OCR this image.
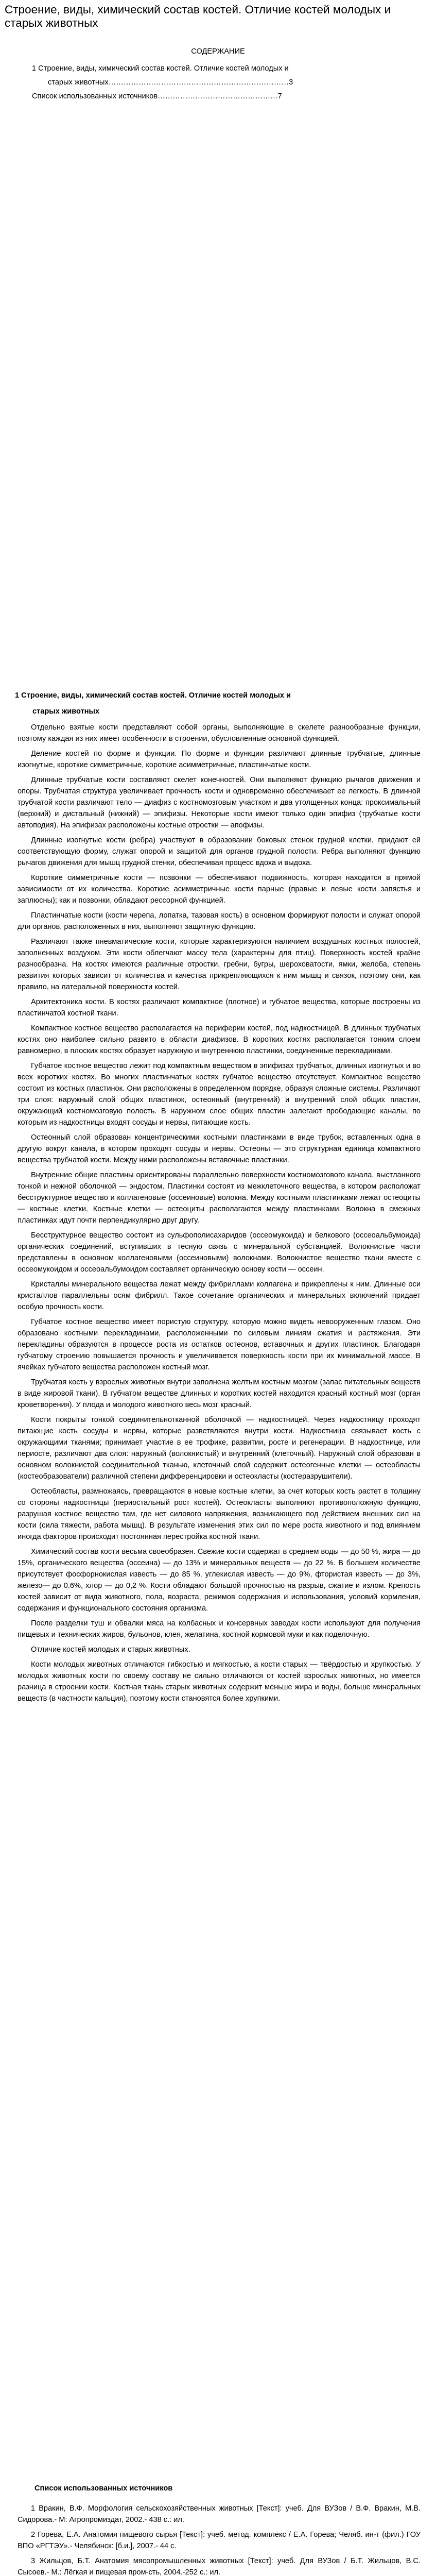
Строение, виды, химический состав костей. Отличие костей молодых и старых животных

СОДЕРЖАНИЕ

1 Строение, виды, химический состав костей. Отличие костей молодых и

старых животных………………………………………………………………3

Список использованных источников…………………………………………7

1 Строение, виды, химический состав костей. Отличие костей молодых и

старых животных

Отдельно взятые кости представляют собой органы, выполняющие в скелете разнообразные функции, поэтому каждая из них имеет особенности в строении, обусловленные основной функцией.

Деление костей по форме и функции. По форме и функции различают длинные трубчатые, длинные изогнутые, короткие симметричные, короткие асимметричные, пластинчатые кости.

Длинные трубчатые кости составляют скелет конечностей. Они выполняют функцию рычагов движения и опоры. Трубчатая структура увеличивает прочность кости и одновременно обеспечивает ее легкость. В длинной трубчатой кости различают тело — диафиз с костномозговым участком и два утолщенных конца: проксимальный (верхний) и дистальный (нижний) — эпифизы. Некоторые кости имеют только один эпифиз (трубчатые кости автоподия). На эпифизах расположены костные отростки — апофизы.

Длинные изогнутые кости (ребра) участвуют в образовании боковых стенок грудной клетки, придают ей соответствующую форму, служат опорой и защитой для органов грудной полости. Ребра выполняют функцию рычагов движения для мышц грудной стенки, обеспечивая процесс вдоха и выдоха.

Короткие симметричные кости — позвонки — обеспечивают подвижность, которая находится в прямой зависимости от их количества. Короткие асимметричные кости парные (правые и левые кости запястья и заплюсны); как и позвонки, обладают рессорной функцией.

Пластинчатые кости (кости черепа, лопатка, тазовая кость) в основном формируют полости и служат опорой для органов, расположенных в них, выполняют защитную функцию.

Различают также пневматические кости, которые характеризуются наличием воздушных костных полостей, заполненных воздухом. Эти кости облегчают массу тела (характерны для птиц). Поверхность костей крайне разнообразна. На костях имеются различные отростки, гребни, бугры, шероховатости, ямки, желоба, степень развития которых зависит от количества и качества прикрепляющихся к ним мышц и связок, поэтому они, как правило, на латеральной поверхности костей.

Архитектоника кости. В костях различают компактное (плотное) и губчатое вещества, которые построены из пластинчатой костной ткани.

Компактное костное вещество располагается на периферии костей, под надкостницей. В длинных трубчатых костях оно наиболее сильно развито в области диафизов. В коротких костях располагается тонким слоем равномерно, в плоских костях образует наружную и внутреннюю пластинки, соединенные перекладинами.

Губчатое костное вещество лежит под компактным веществом в эпифизах трубчатых, длинных изогнутых и во всех коротких костях. Во многих пластинчатых костях губчатое вещество отсутствует. Компактное вещество состоит из костных пластинок. Они расположены в определенном порядке, образуя сложные системы. Различают три слоя: наружный слой общих пластинок, остеонный (внутренний) и внутренний слой общих пластин, окружающий костномозговую полость. В наружном слое общих пластин залегают прободающие каналы, по которым из надкостницы входят сосуды и нервы, питающие кость.

Остеонный слой образован концентрическими костными пластинками в виде трубок, вставленных одна в другую вокруг канала, в котором проходят сосуды и нервы. Остеоны — это структурная единица компактного вещества трубчатой кости. Между ними расположены вставочные пластинки.

Внутренние общие пластины ориентированы параллельно поверхности костномозгового канала, выстланного тонкой и нежной оболочкой — эндостом. Пластинки состоят из межклеточного вещества, в котором расположат бесструктурное вещество и коллагеновые (оссеиновые) волокна. Между костными пластинками лежат остеоциты — костные клетки. Костные клетки — остеоциты располагаются между пластинками. Волокна в смежных пластинках идут почти перпендикулярно друг другу.

Бесструктурное вещество состоит из сульфополисахаридов (оссеомукоида) и белкового (оссеоальбумоида) органических соединений, вступивших в тесную связь с минеральной субстанцией. Волокнистые части представлены в основном коллагеновыми (оссеиновыми) волокнами. Волокнистое вещество ткани вместе с оссеомукоидом и оссеоальбумоидом составляет органическую основу кости — оссеин.

Кристаллы минерального вещества лежат между фибриллами коллагена и прикреплены к ним. Длинные оси кристаллов параллельны осям фибрилл. Такое сочетание органических и минеральных включений придает особую прочность кости.

Губчатое костное вещество имеет пористую структуру, которую можно видеть невооруженным глазом. Оно образовано костными перекладинами, расположенными по силовым линиям сжатия и растяжения. Эти перекладины образуются в процессе роста из остатков остеонов, вставочных и других пластинок. Благодаря губчатому строению повышается прочность и увеличивается поверхность кости при их минимальной массе. В ячейках губчатого вещества расположен костный мозг.

Трубчатая кость у взрослых животных внутри заполнена желтым костным мозгом (запас питательных веществ в виде жировой ткани). В губчатом веществе длинных и коротких костей находится красный костный мозг (орган кроветворения). У плода и молодого животного весь мозг красный.

Кости покрыты тонкой соединительнотканной оболочкой — надкостницей. Через надкостницу проходят питающие кость сосуды и нервы, которые разветвляются внутри кости. Надкостница связывает кость с окружающими тканями; принимает участие в ее трофике, развитии, росте и регенерации. В надкостнице, или периосте, различают два слоя: наружный (волокнистый) и внутренний (клеточный). Наружный слой образован в основном волокнистой соединительной тканью, клеточный слой содержит остеогенные клетки — остеобласты (костеобразователи) различной степени дифференцировки и остеокласты (костеразрушители).

Остеобласты, размножаясь, превращаются в новые костные клетки, за счет которых кость растет в толщину со стороны надкостницы (периостальный рост костей). Остеокласты выполняют противоположную функцию, разрушая костное вещество там, где нет силового напряжения, возникающего под действием внешних сил на кости (сила тяжести, работа мышц). В результате изменения этих сил по мере роста животного и под влиянием иногда факторов происходит постоянная перестройка костной ткани.

Химический состав кости весьма своеобразен. Свежие кости содержат в среднем воды — до 50 %, жира — до 15%, органического вещества (оссеина) — до 13% и минеральных веществ — до 22 %. В большем количестве присутствует фосфорнокислая известь — до 85 %, углекислая известь — до 9%, фтористая известь — до 3%, железо— до 0.6%, хлор — до 0,2 %. Кости обладают большой прочностью на разрыв, сжатие и излом. Крепость костей зависит от вида животного, пола, возраста, режимов содержания и использования, условий кормления, содержания и функционального состояния организма.

После разделки туш и обвалки мяса на колбасных и консервных заводах кости используют для получения пищевых и технических жиров, бульонов, клея, желатина, костной кормовой муки и как поделочную.

Отличие костей молодых и старых животных.

Кости молодых животных отличаются гибкостью и мягкостью, а кости старых — твёрдостью и хрупкостью. У молодых животных кости по своему составу не сильно отличаются от костей взрослых животных, но имеется разница в строении кости. Костная ткань старых животных содержит меньше жира и воды, больше минеральных веществ (в частности кальция), поэтому кости становятся более хрупкими.

Список использованных источников

1 Вракин, В.Ф. Морфология сельскохозяйственных животных [Текст]: учеб. Для ВУЗов / В.Ф. Вракин, М.В. Сидорова.- М: Агропромиздат, 2002.- 438 с.: ил.

2 Горева, Е.А. Анатомия пищевого сырья [Текст]: учеб. метод. комплекс / Е.А. Горева; Челяб. ин-т (фил.) ГОУ ВПО «РГТЭУ».- Челябинск: [б.и.], 2007.- 44 с.

3 Жильцов, Б.Т. Анатомия мясопромышленных животных [Текст]: учеб. Для ВУЗов / Б.Т. Жильцов, В.С. Сысоев.- М.: Лёгкая и пищевая пром-сть, 2004.-252 с.: ил.
